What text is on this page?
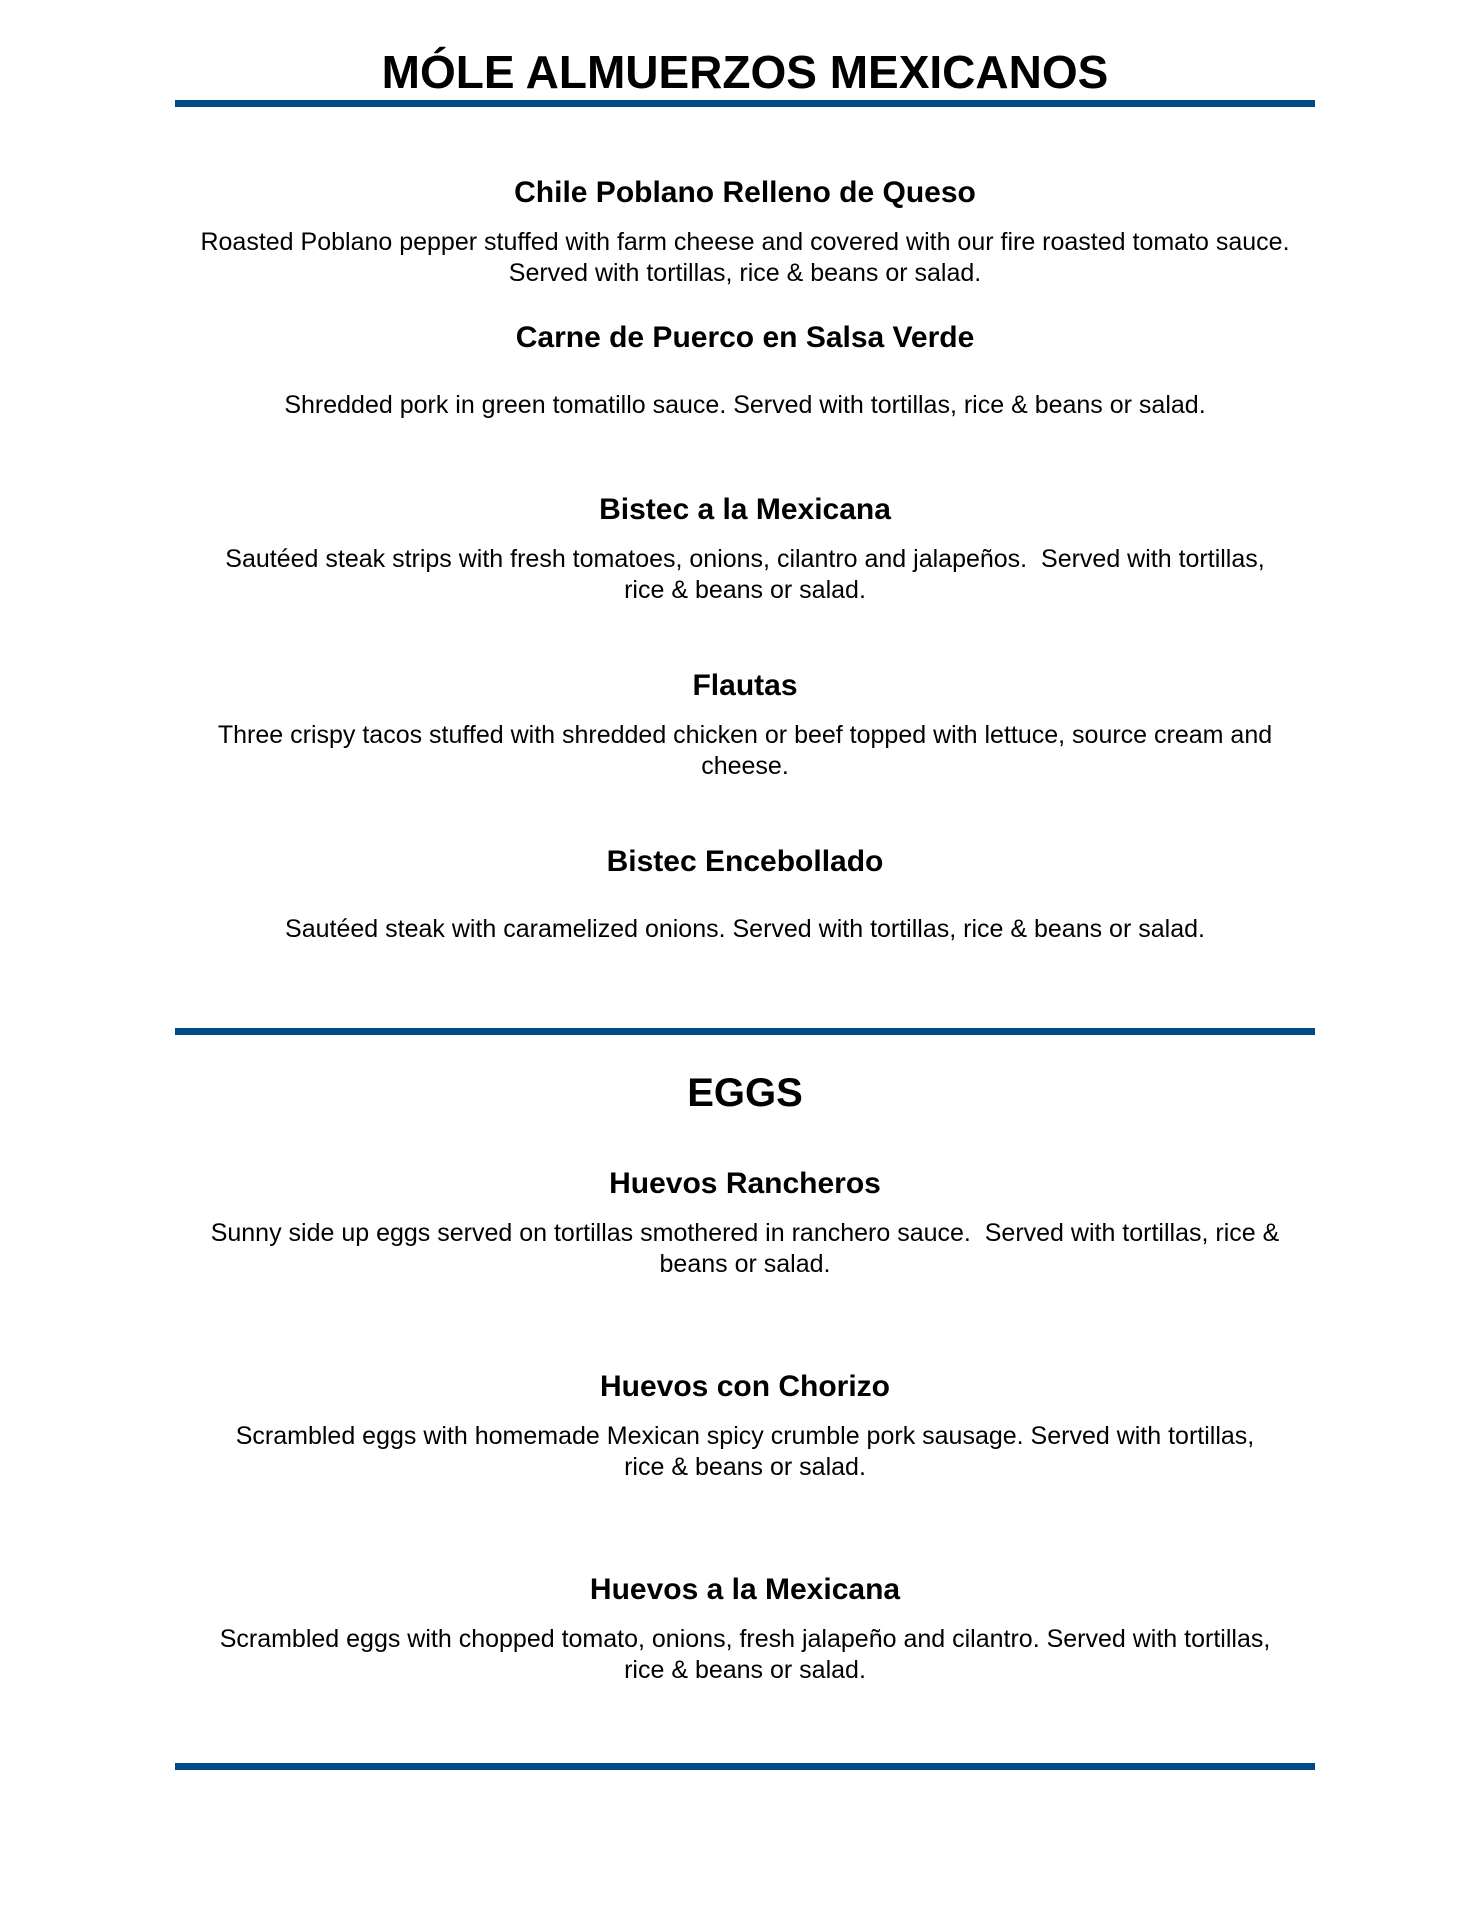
MÓLE ALMUERZOS MEXICANOS
Chile Poblano Relleno de Queso

Roasted Poblano pepper stuffed with farm cheese and covered with our fire roasted tomato sauce.   Served with tortillas, rice & beans or salad.

Carne de Puerco en Salsa Verde

Shredded pork in green tomatillo sauce. Served with tortillas, rice & beans or salad.

Bistec a la Mexicana

Sautéed steak strips with fresh tomatoes, onions, cilantro and jalapeños.  Served with tortillas, rice & beans or salad.

Flautas

Three crispy tacos stuffed with shredded chicken or beef topped with lettuce, source cream and cheese.

Bistec Encebollado

Sautéed steak with caramelized onions. Served with tortillas, rice & beans or salad.

EGGS
Huevos Rancheros

Sunny side up eggs served on tortillas smothered in ranchero sauce.  Served with tortillas, rice & beans or salad.

Huevos con Chorizo

Scrambled eggs with homemade Mexican spicy crumble pork sausage. Served with tortillas, rice & beans or salad.

Huevos a la Mexicana

Scrambled eggs with chopped tomato, onions, fresh jalapeño and cilantro. Served with tortillas, rice & beans or salad.
